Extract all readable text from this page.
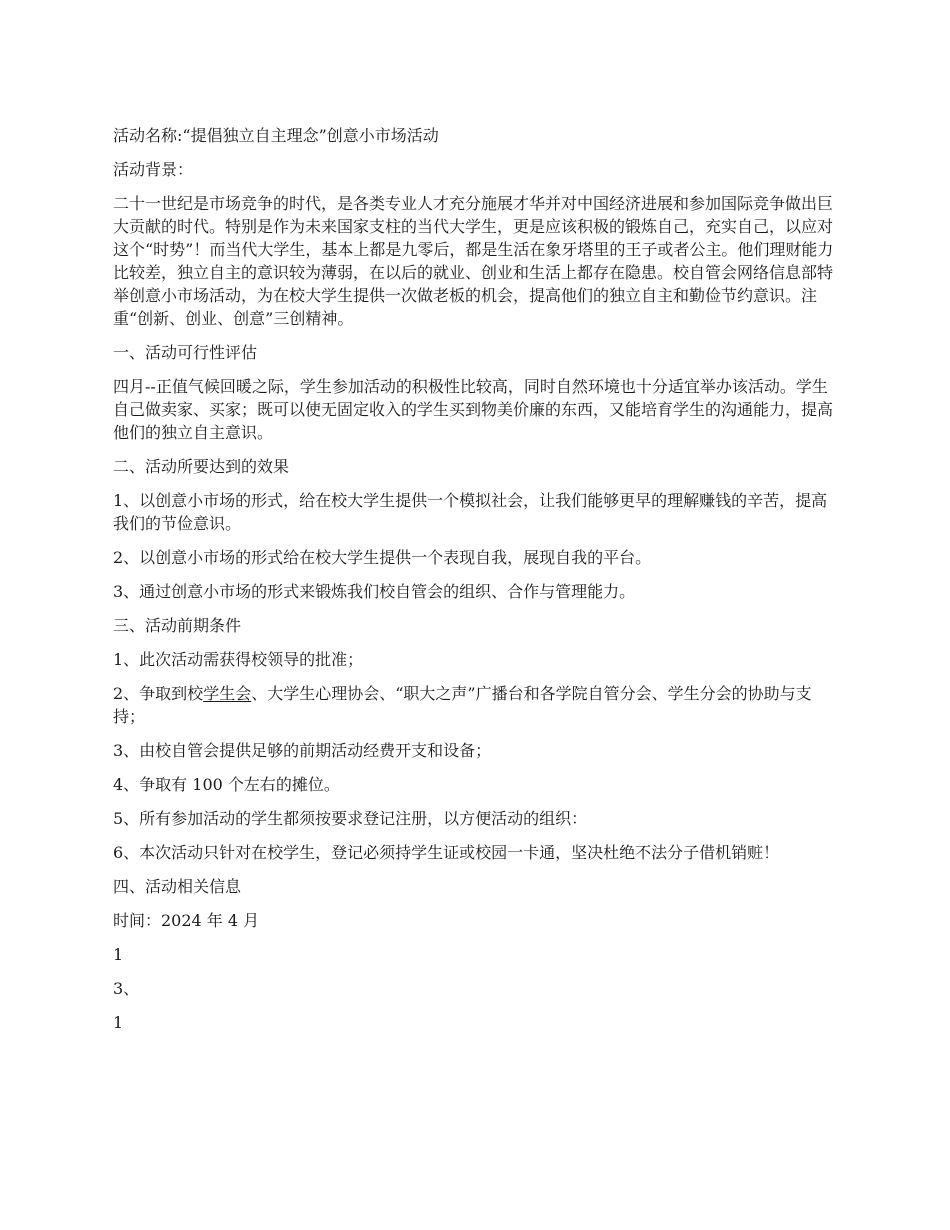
活动名称:“提倡独立自主理念”创意小市场活动

活动背景：

二十一世纪是市场竞争的时代，是各类专业人才充分施展才华并对中国经济进展和参加国际竞争做出巨大贡献的时代。特别是作为未来国家支柱的当代大学生，更是应该积极的锻炼自己，充实自己，以应对这个“时势”！而当代大学生，基本上都是九零后，都是生活在象牙塔里的王子或者公主。他们理财能力比较差，独立自主的意识较为薄弱，在以后的就业、创业和生活上都存在隐患。校自管会网络信息部特举创意小市场活动，为在校大学生提供一次做老板的机会，提高他们的独立自主和勤俭节约意识。注重“创新、创业、创意”三创精神。

一、活动可行性评估

四月--正值气候回暖之际，学生参加活动的积极性比较高，同时自然环境也十分适宜举办该活动。学生自己做卖家、买家；既可以使无固定收入的学生买到物美价廉的东西，又能培育学生的沟通能力，提高他们的独立自主意识。

二、活动所要达到的效果

1、以创意小市场的形式，给在校大学生提供一个模拟社会，让我们能够更早的理解赚钱的辛苦，提高我们的节俭意识。

2、以创意小市场的形式给在校大学生提供一个表现自我，展现自我的平台。

3、通过创意小市场的形式来锻炼我们校自管会的组织、合作与管理能力。

三、活动前期条件

1、此次活动需获得校领导的批准；

2、争取到校学生会、大学生心理协会、“职大之声”广播台和各学院自管分会、学生分会的协助与支持；

3、由校自管会提供足够的前期活动经费开支和设备；

4、争取有 100 个左右的摊位。

5、所有参加活动的学生都须按要求登记注册，以方便活动的组织：

6、本次活动只针对在校学生，登记必须持学生证或校园一卡通，坚决杜绝不法分子借机销赃！

四、活动相关信息

时间：2024 年 4 月

1

3、

1
